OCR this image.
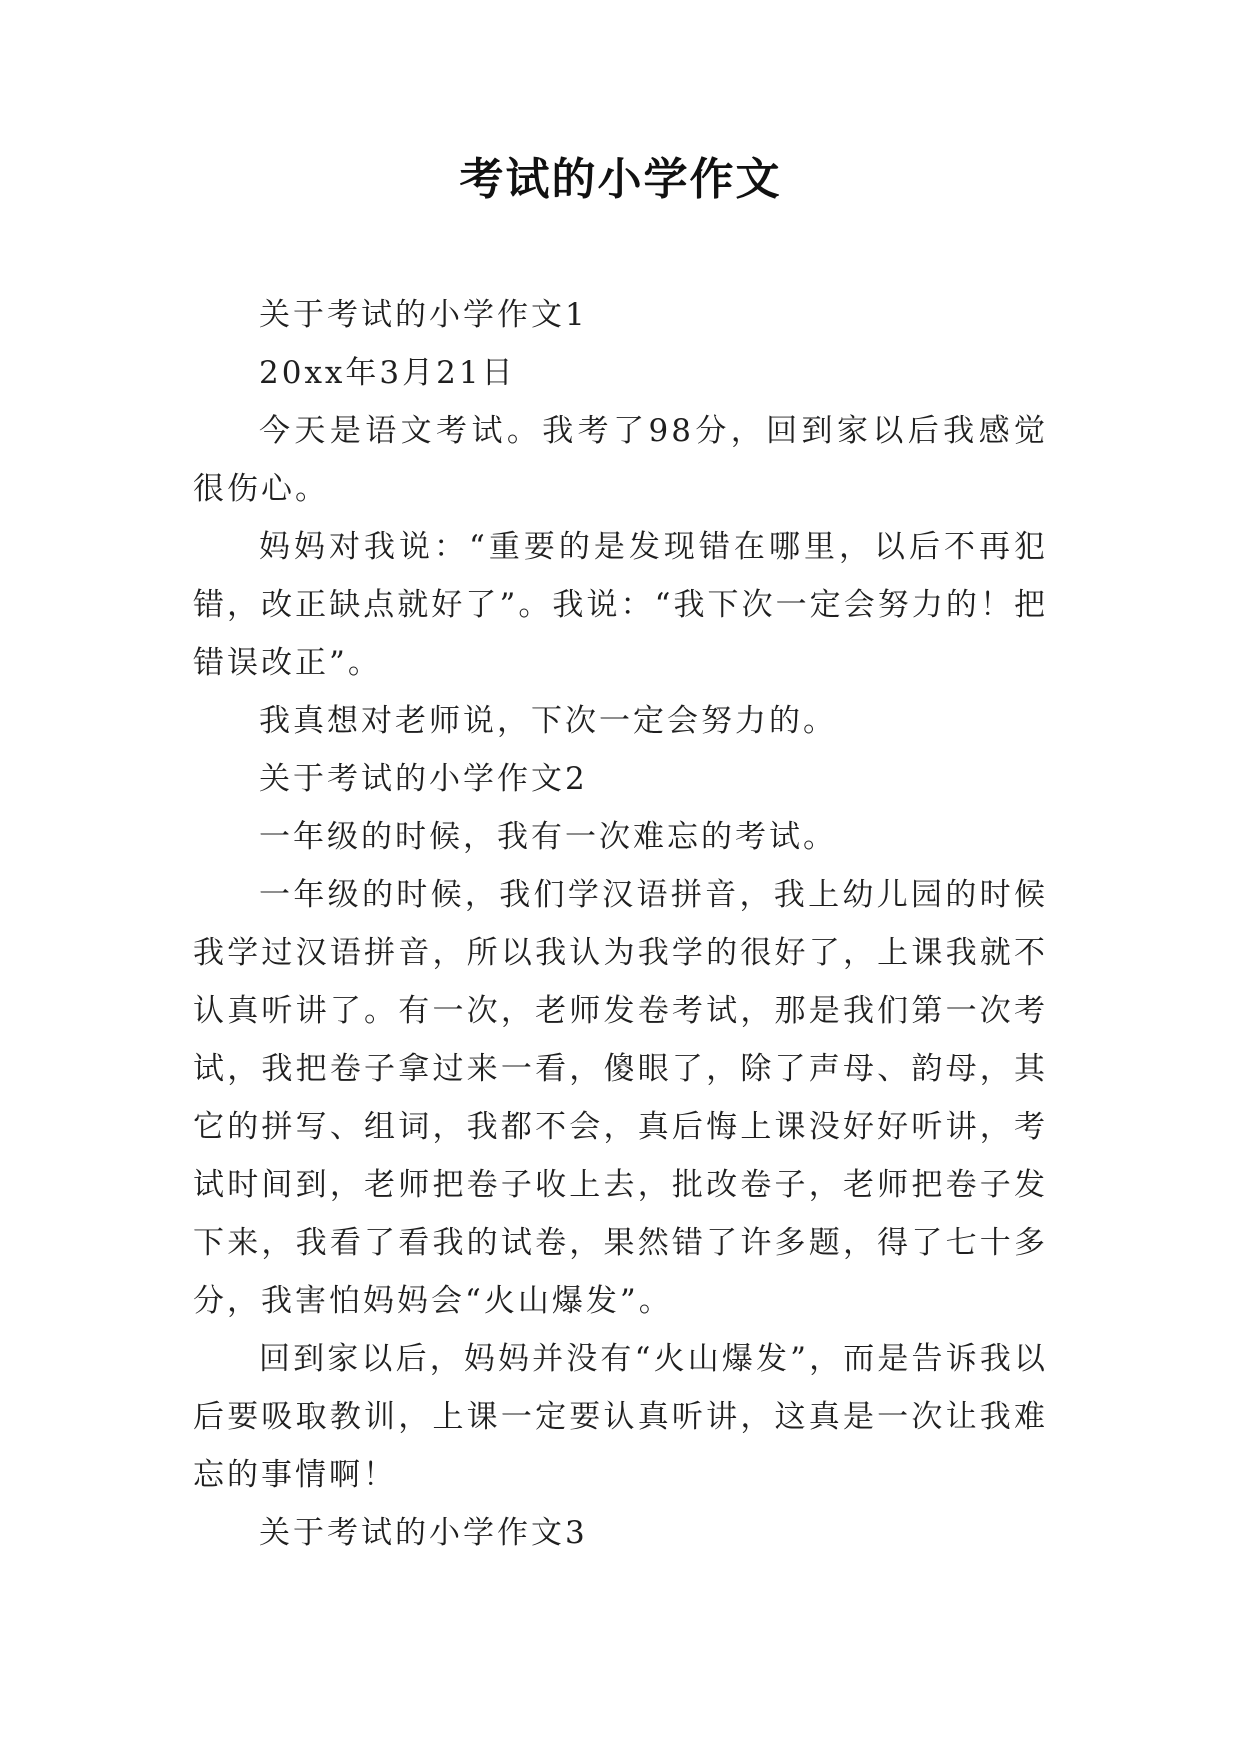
考试的小学作文

关于考试的小学作文1

20xx年3月21日

今天是语文考试。我考了98分，回到家以后我感觉很伤心。

妈妈对我说：“重要的是发现错在哪里，以后不再犯错，改正缺点就好了”。我说：“我下次一定会努力的！把错误改正”。

我真想对老师说，下次一定会努力的。

关于考试的小学作文2

一年级的时候，我有一次难忘的考试。

一年级的时候，我们学汉语拼音，我上幼儿园的时候我学过汉语拼音，所以我认为我学的很好了，上课我就不认真听讲了。有一次，老师发卷考试，那是我们第一次考试，我把卷子拿过来一看，傻眼了，除了声母、韵母，其它的拼写、组词，我都不会，真后悔上课没好好听讲，考试时间到，老师把卷子收上去，批改卷子，老师把卷子发下来，我看了看我的试卷，果然错了许多题，得了七十多分，我害怕妈妈会“火山爆发”。

回到家以后，妈妈并没有“火山爆发”，而是告诉我以后要吸取教训，上课一定要认真听讲，这真是一次让我难忘的事情啊！

关于考试的小学作文3
